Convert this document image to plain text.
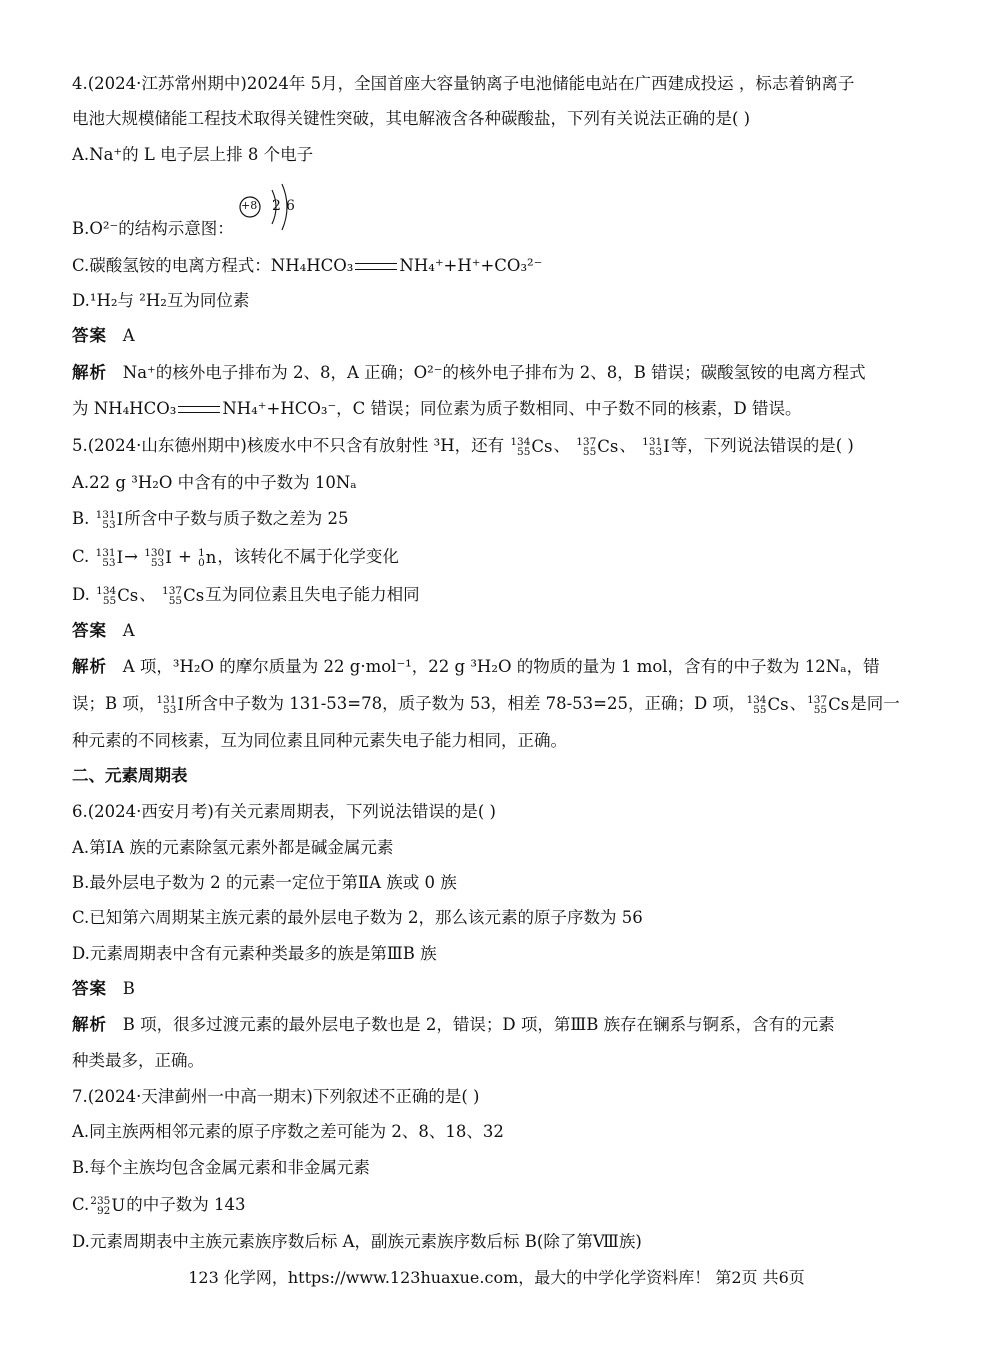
4.(2024·江苏常州期中)2024年 5月，全国首座大容量钠离子电池储能电站在广西建成投运 ，标志着钠离子
电池大规模储能工程技术取得关键性突破，其电解液含各种碳酸盐，下列有关说法正确的是( )
A.Na⁺的 L 电子层上排 8 个电子
+8 2 6
B.O²⁻的结构示意图：
C.碳酸氢铵的电离方程式：NH₄HCO₃	NH₄⁺+H⁺+CO₃²⁻
D.¹H₂与 ²H₂互为同位素
答案 A
解析 Na⁺的核外电子排布为 2、8，A 正确；O²⁻的核外电子排布为 2、8，B 错误；碳酸氢铵的电离方程式
为 NH₄HCO₃	NH₄⁺+HCO₃⁻，C 错误；同位素为质子数相同、中子数不同的核素，D 错误。
5.(2024·山东德州期中)核废水中不只含有放射性 ³H，还有 134
55 Cs 、 137
55 Cs 、 131
53 I 等，下列说法错误的是( )
A.22 g ³H₂O 中含有的中子数为 10Nₐ
B. 131
53 I 所含中子数与质子数之差为 25
C. 131
53 I → 130
53 I + 1
0 n ，该转化不属于化学变化
D. 134
55 Cs 、 137
55 Cs 互为同位素且失电子能力相同
答案 A
解析 A 项，³H₂O 的摩尔质量为 22 g·mol⁻¹，22 g ³H₂O 的物质的量为 1 mol，含有的中子数为 12Nₐ，错
误；B 项， 131
53 I 所含中子数为 131-53=78，质子数为 53，相差 78-53=25，正确；D 项， 134
55 Cs 、 137
55 Cs 是同一
种元素的不同核素，互为同位素且同种元素失电子能力相同，正确。
二、元素周期表
6.(2024·西安月考)有关元素周期表，下列说法错误的是( )
A.第ⅠA 族的元素除氢元素外都是碱金属元素
B.最外层电子数为 2 的元素一定位于第ⅡA 族或 0 族
C.已知第六周期某主族元素的最外层电子数为 2，那么该元素的原子序数为 56
D.元素周期表中含有元素种类最多的族是第ⅢB 族
答案 B
解析 B 项，很多过渡元素的最外层电子数也是 2，错误；D 项，第ⅢB 族存在镧系与锕系，含有的元素
种类最多，正确。
7.(2024·天津蓟州一中高一期末)下列叙述不正确的是( )
A.同主族两相邻元素的原子序数之差可能为 2、8、18、32
B.每个主族均包含金属元素和非金属元素
C. 235
92 U 的中子数为 143
D.元素周期表中主族元素族序数后标 A，副族元素族序数后标 B(除了第Ⅷ族)
123 化学网，https://www.123huaxue.com，最大的中学化学资料库！ 第2页 共6页
